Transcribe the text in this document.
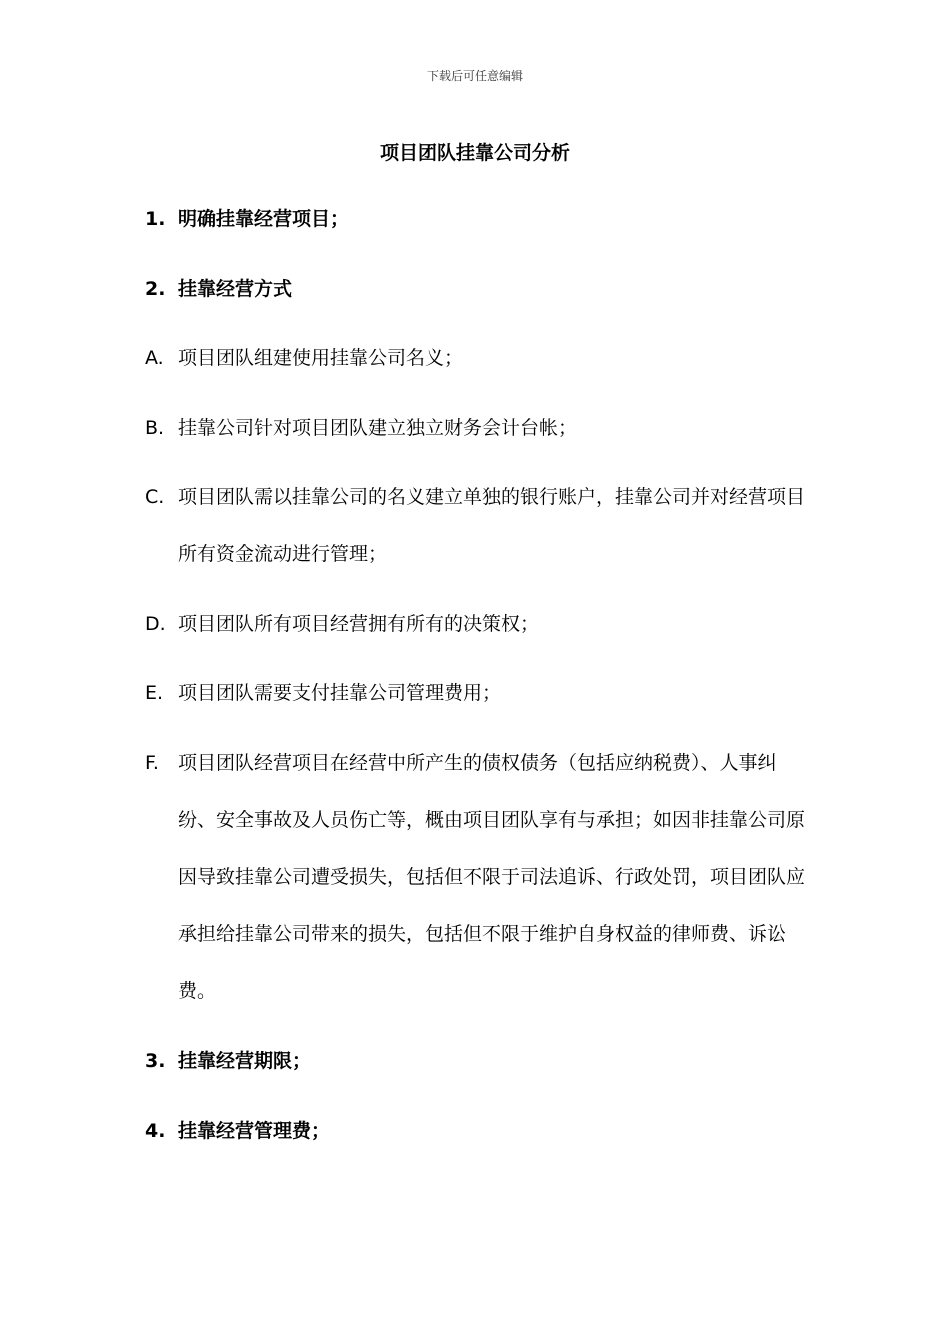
下载后可任意编辑
项目团队挂靠公司分析
1. 明确挂靠经营项目；
2. 挂靠经营方式
A. 项目团队组建使用挂靠公司名义；
B. 挂靠公司针对项目团队建立独立财务会计台帐；
C. 项目团队需以挂靠公司的名义建立单独的银行账户，挂靠公司并对经营项目所有资金流动进行管理；
D. 项目团队所有项目经营拥有所有的决策权；
E. 项目团队需要支付挂靠公司管理费用；
F. 项目团队经营项目在经营中所产生的债权债务（包括应纳税费）、人事纠纷、安全事故及人员伤亡等，概由项目团队享有与承担；如因非挂靠公司原因导致挂靠公司遭受损失，包括但不限于司法追诉、行政处罚，项目团队应承担给挂靠公司带来的损失，包括但不限于维护自身权益的律师费、诉讼费。
3. 挂靠经营期限；
4. 挂靠经营管理费；
